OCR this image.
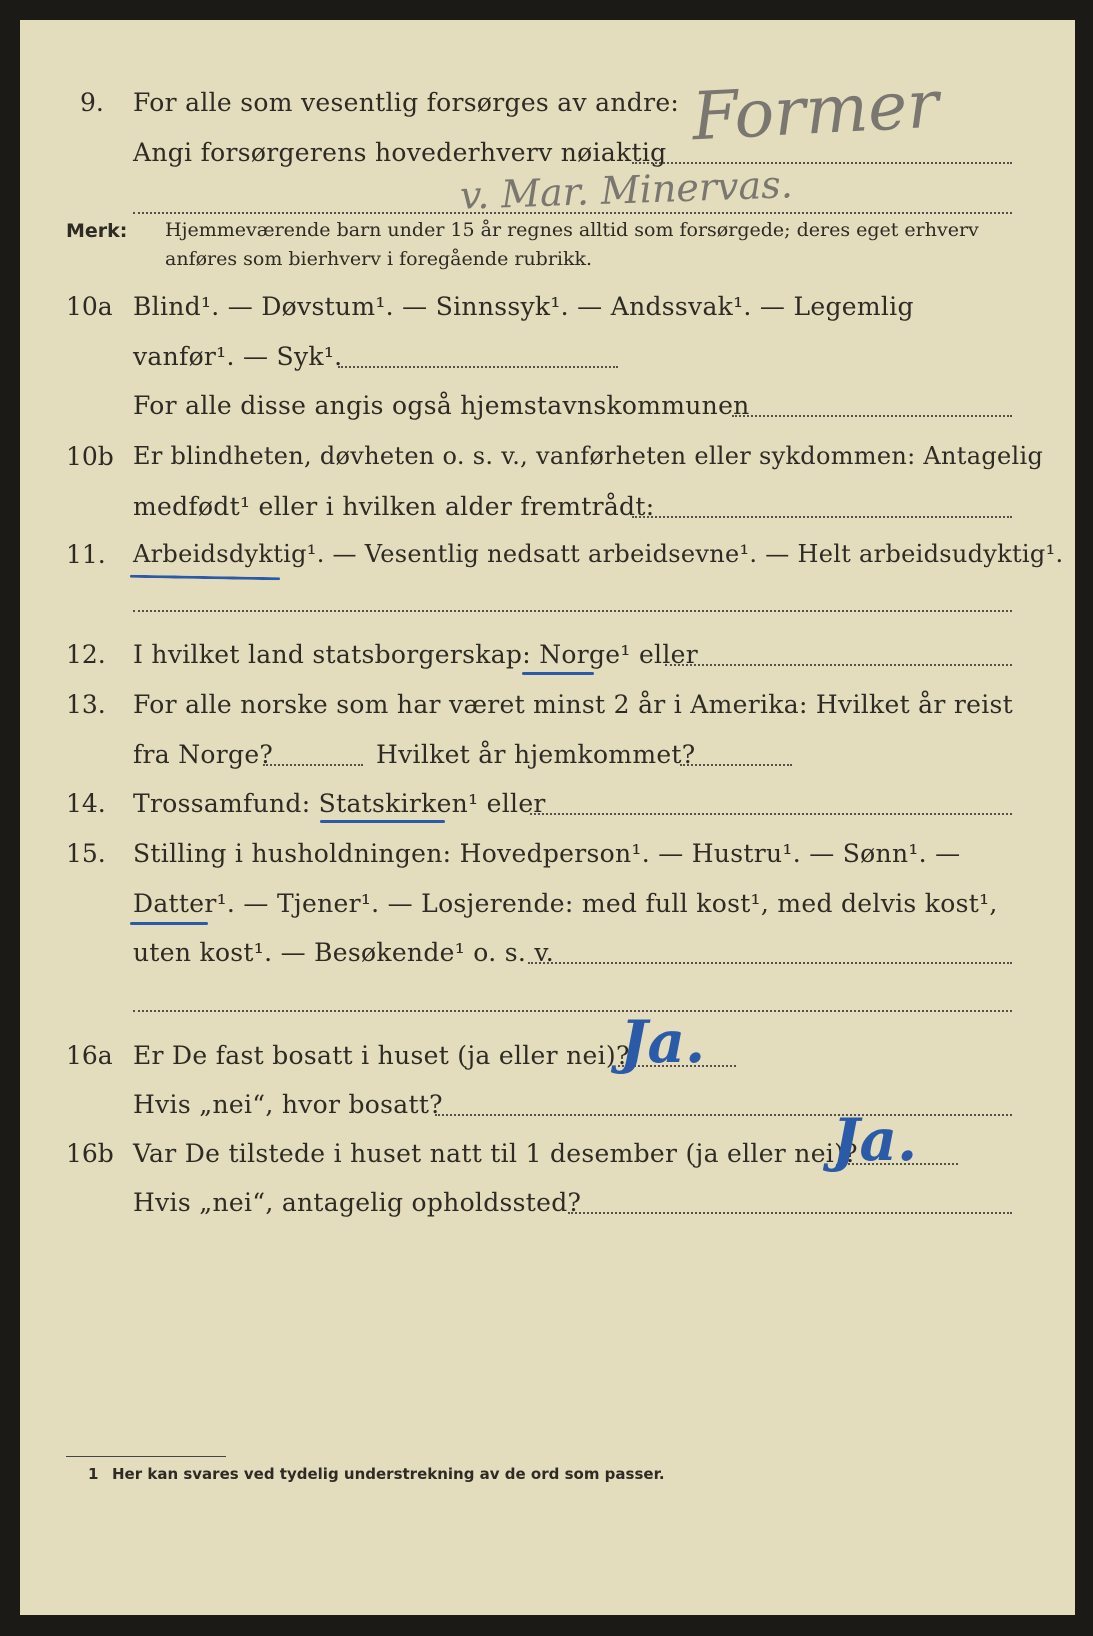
9. For alle som vesentlig forsørges av andre:
Angi forsørgerens hovederhverv nøiaktig Former
v. Mar. Minervas.
Merk: Hjemmeværende barn under 15 år regnes alltid som forsørgede; deres eget erhverv anføres som bierhverv i foregående rubrikk.
10a Blind¹. — Døvstum¹. — Sinnssyk¹. — Andssvak¹. — Legemlig
vanfør¹. — Syk¹.
For alle disse angis også hjemstavnskommunen
10b Er blindheten, døvheten o. s. v., vanførheten eller sykdommen: Antagelig
medfødt¹ eller i hvilken alder fremtrådt:
11. Arbeidsdyktig¹. — Vesentlig nedsatt arbeidsevne¹. — Helt arbeidsudyktig¹.
12. I hvilket land statsborgerskap: Norge¹ eller
13. For alle norske som har været minst 2 år i Amerika: Hvilket år reist
fra Norge?	Hvilket år hjemkommet?
14. Trossamfund: Statskirken¹ eller
15. Stilling i husholdningen: Hovedperson¹. — Hustru¹. — Sønn¹. —
Datter¹. — Tjener¹. — Losjerende: med full kost¹, med delvis kost¹,
uten kost¹. — Besøkende¹ o. s. v.
16a Er De fast bosatt i huset (ja eller nei)?
Ja.
Hvis „nei“, hvor bosatt?
16b Var De tilstede i huset natt til 1 desember (ja eller nei)?
Ja.
Hvis „nei“, antagelig opholdssted?
1 Her kan svares ved tydelig understrekning av de ord som passer.
